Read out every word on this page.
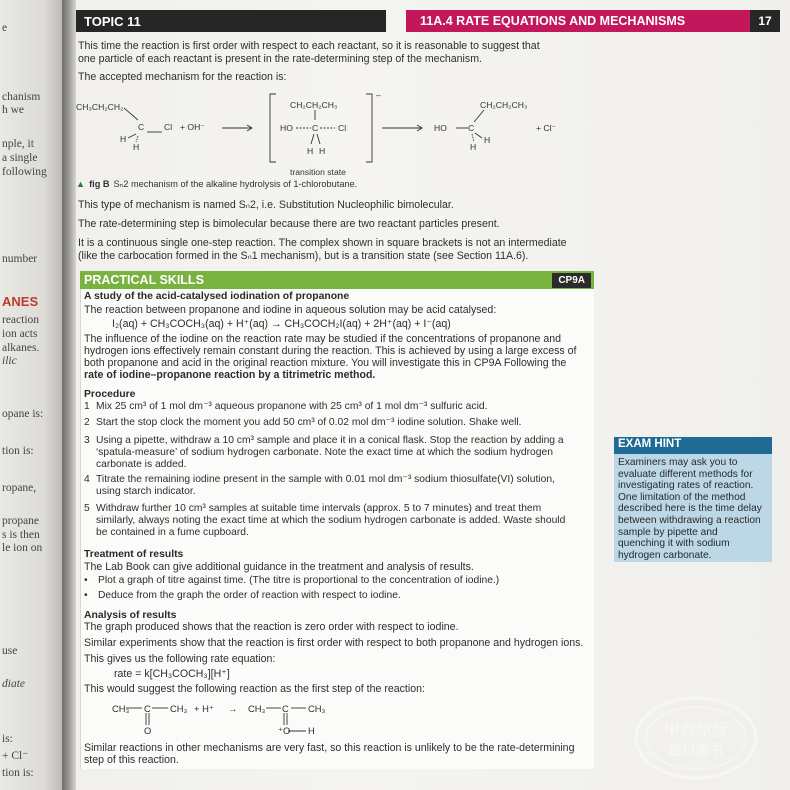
e
chanism
h we
nple, it
a single
following
number
ANES
reaction
ion acts
alkanes.
ilic
opane is:
tion is:
ropane,
propane
s is then
le ion on
use
diate
is:
+ Cl⁻
tion is:
TOPIC 11	11A.4 RATE EQUATIONS AND MECHANISMS	17
This time the reaction is first order with respect to each reactant, so it is reasonable to suggest that
one particle of each reactant is present in the rate-determining step of the mechanism.
The accepted mechanism for the reaction is:
CH₃CH₂CH₂
C Cl + OH⁻
H
H
CH₂CH₂CH₃
–
HO C Cl
H H
transition state
CH₂CH₂CH₃
HO C
H
H
+ Cl⁻
▲ fig B Sₙ2 mechanism of the alkaline hydrolysis of 1-chlorobutane.
This type of mechanism is named Sₙ2, i.e. Substitution Nucleophilic bimolecular.
The rate-determining step is bimolecular because there are two reactant particles present.
It is a continuous single one-step reaction. The complex shown in square brackets is not an intermediate
(like the carbocation formed in the Sₙ1 mechanism), but is a transition state (see Section 11A.6).
PRACTICAL SKILLS	CP9A
A study of the acid-catalysed iodination of propanone
The reaction between propanone and iodine in aqueous solution may be acid catalysed:
I₂(aq) + CH₃COCH₃(aq) + H⁺(aq) → CH₃COCH₂I(aq) + 2H⁺(aq) + I⁻(aq)
The influence of the iodine on the reaction rate may be studied if the concentrations of propanone and
hydrogen ions effectively remain constant during the reaction. This is achieved by using a large excess of
both propanone and acid in the original reaction mixture. You will investigate this in CP9A Following the
rate of iodine–propanone reaction by a titrimetric method.
Procedure
Treatment of results
The Lab Book can give additional guidance in the treatment and analysis of results.
• Plot a graph of titre against time. (The titre is proportional to the concentration of iodine.)
• Deduce from the graph the order of reaction with respect to iodine.
Analysis of results
The graph produced shows that the reaction is zero order with respect to iodine.
Similar experiments show that the reaction is first order with respect to both propanone and hydrogen ions.
This gives us the following rate equation:
rate = k[CH₃COCH₃][H⁺]
This would suggest the following reaction as the first step of the reaction:
CH₃ C CH₃
O
+ H⁺ → CH₃ C CH₃
⁺O H
Similar reactions in other mechanisms are very fast, so this reaction is unlikely to be the rate-determining
step of this reaction.
EXAM HINT
Examiners may ask you to
evaluate different methods for
investigating rates of reaction.
One limitation of the method
described here is the time delay
between withdrawing a reaction
sample by pipette and
quenching it with sodium
hydrogen carbonate.
中商原版
进口图书
1 Mix 25 cm³ of 1 mol dm⁻³ aqueous propanone with 25 cm³ of 1 mol dm⁻³ sulfuric acid.
2 Start the stop clock the moment you add 50 cm³ of 0.02 mol dm⁻³ iodine solution. Shake well.
3 Using a pipette, withdraw a 10 cm³ sample and place it in a conical flask. Stop the reaction by adding a
‘spatula-measure’ of sodium hydrogen carbonate. Note the exact time at which the sodium hydrogen
carbonate is added.
4 Titrate the remaining iodine present in the sample with 0.01 mol dm⁻³ sodium thiosulfate(VI) solution,
using starch indicator.
5 Withdraw further 10 cm³ samples at suitable time intervals (approx. 5 to 7 minutes) and treat them
similarly, always noting the exact time at which the sodium hydrogen carbonate is added. Waste should
be contained in a fume cupboard.
